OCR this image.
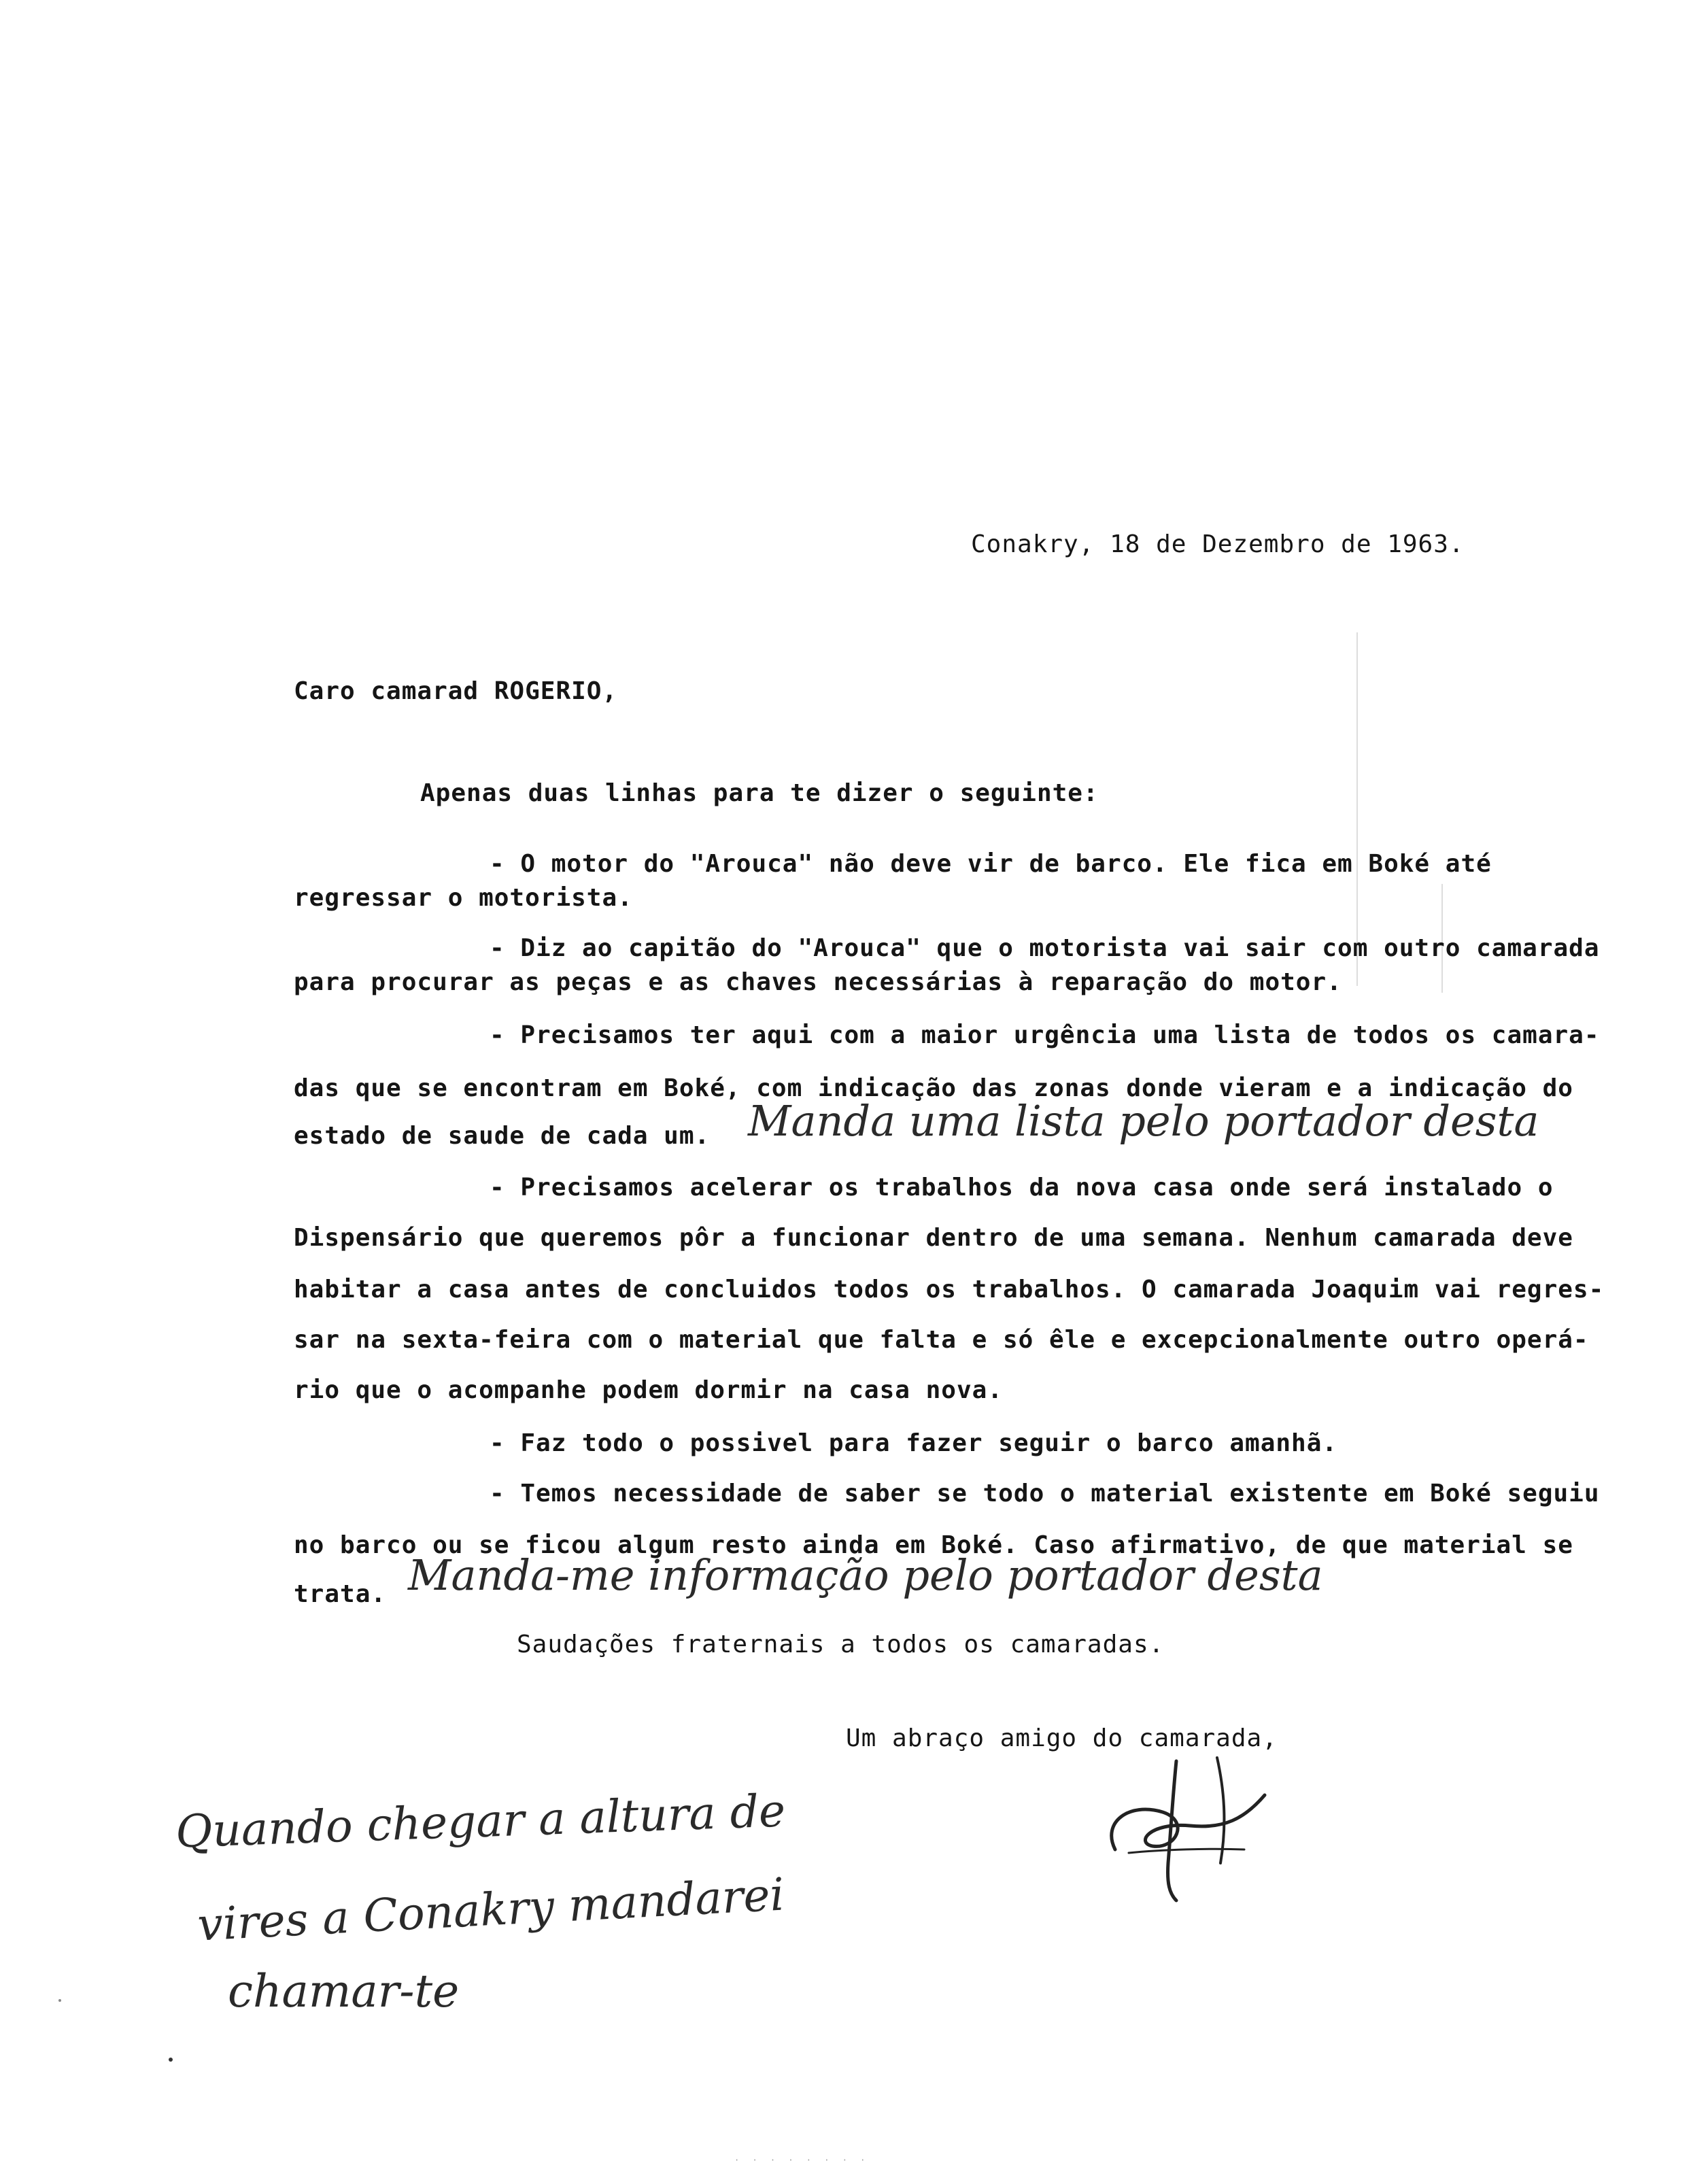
Conakry, 18 de Dezembro de 1963.
Caro camarad ROGERIO,
Apenas duas linhas para te dizer o seguinte:
- O motor do "Arouca" não deve vir de barco. Ele fica em Boké até
regressar o motorista.
- Diz ao capitão do "Arouca" que o motorista vai sair com outro camarada
para procurar as peças e as chaves necessárias à reparação do motor.
- Precisamos ter aqui com a maior urgência uma lista de todos os camara-
das que se encontram em Boké, com indicação das zonas donde vieram e a indicação do
estado de saude de cada um. Manda uma lista pelo portador desta
- Precisamos acelerar os trabalhos da nova casa onde será instalado o
Dispensário que queremos pôr a funcionar dentro de uma semana. Nenhum camarada deve
habitar a casa antes de concluidos todos os trabalhos. O camarada Joaquim vai regres-
sar na sexta-feira com o material que falta e só êle e excepcionalmente outro operá-
rio que o acompanhe podem dormir na casa nova.
- Faz todo o possivel para fazer seguir o barco amanhã.
- Temos necessidade de saber se todo o material existente em Boké seguiu
no barco ou se ficou algum resto ainda em Boké. Caso afirmativo, de que material se
trata. Manda-me informação pelo portador desta
Saudações fraternais a todos os camaradas.
Um abraço amigo do camarada,
Quando chegar a altura de
vires a Conakry mandarei
chamar-te
· · · · · · · ·
